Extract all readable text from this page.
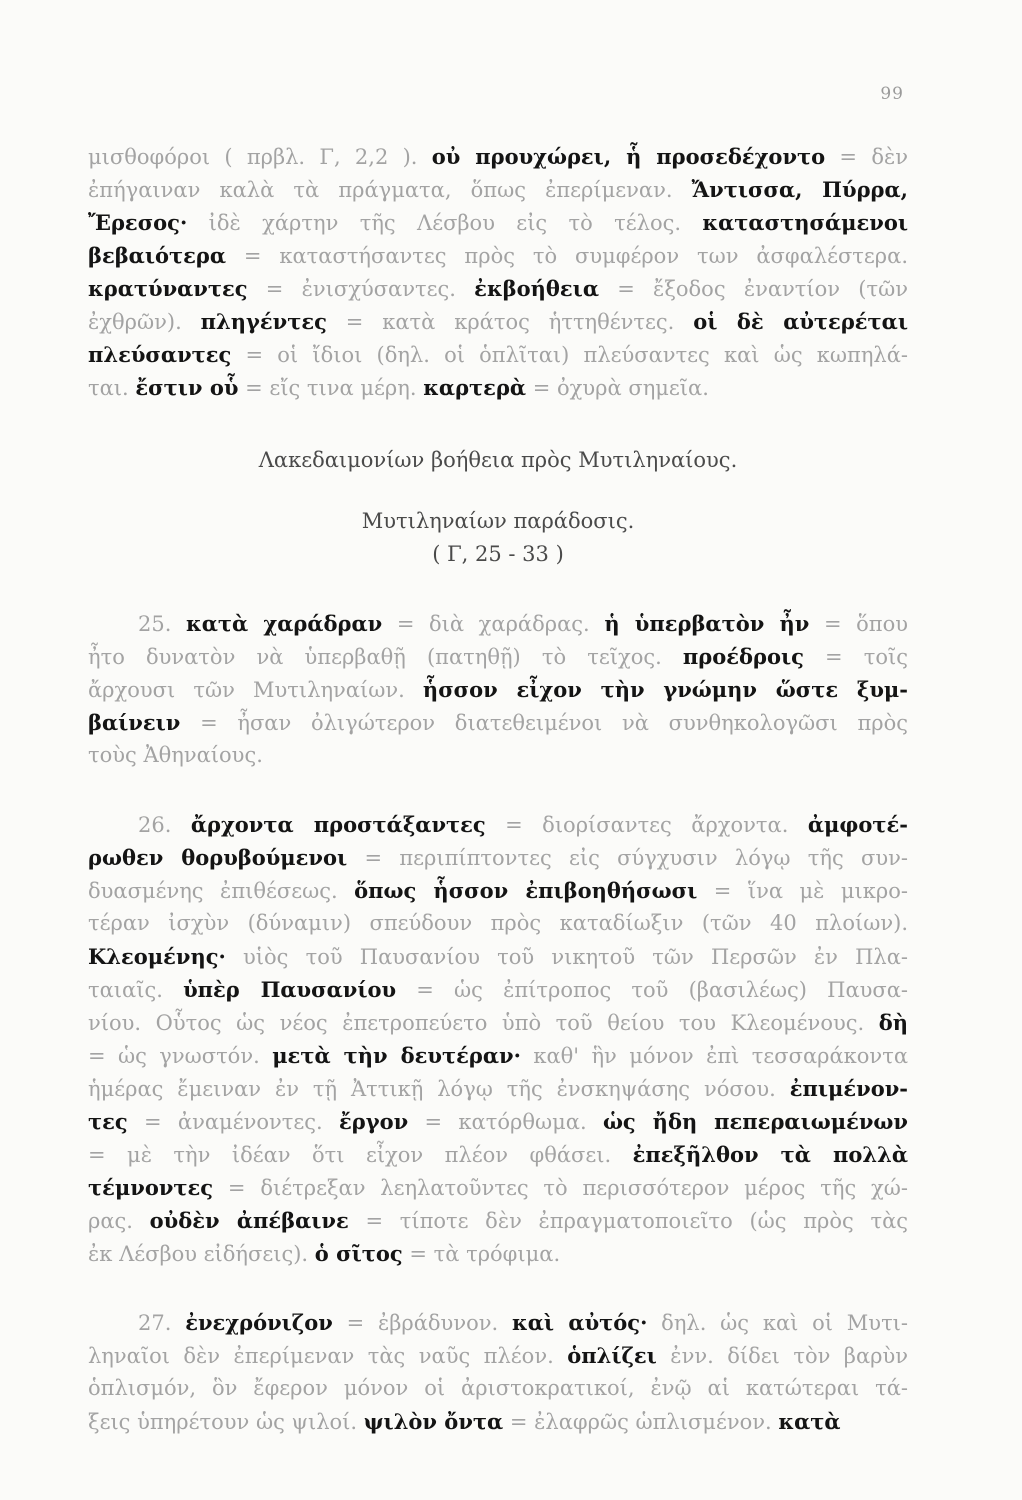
99
μισθοφόροι ( πρβλ. Γ, 2,2 ). οὐ προυχώρει, ἧ προσεδέχοντο = δὲν
ἐπήγαιναν καλὰ τὰ πράγματα, ὅπως ἐπερίμεναν. Ἄντισσα, Πύρρα,
Ἔρεσος· ἰδὲ χάρτην τῆς Λέσβου εἰς τὸ τέλος. καταστησάμενοι
βεβαιότερα = καταστήσαντες πρὸς τὸ συμφέρον των ἀσφαλέστερα.
κρατύναντες = ἐνισχύσαντες. ἐκβοήθεια = ἔξοδος ἐναντίον (τῶν
ἐχθρῶν). πληγέντες = κατὰ κράτος ἡττηθέντες. οἱ δὲ αὐτερέται
πλεύσαντες = οἱ ἴδιοι (δηλ. οἱ ὁπλῖται) πλεύσαντες καὶ ὡς κωπηλά-
ται. ἔστιν οὗ = εἴς τινα μέρη. καρτερὰ = ὀχυρὰ σημεῖα.
Λακεδαιμονίων βοήθεια πρὸς Μυτιληναίους.
Μυτιληναίων παράδοσις.
( Γ, 25 - 33 )
25. κατὰ χαράδραν = διὰ χαράδρας. ἡ ὑπερβατὸν ἦν = ὅπου
ἦτο δυνατὸν νὰ ὑπερβαθῇ (πατηθῇ) τὸ τεῖχος. προέδροις = τοῖς
ἄρχουσι τῶν Μυτιληναίων. ἧσσον εἶχον τὴν γνώμην ὥστε ξυμ-
βαίνειν = ἦσαν ὀλιγώτερον διατεθειμένοι νὰ συνθηκολογῶσι πρὸς
τοὺς Ἀθηναίους.
26. ἄρχοντα προστάξαντες = διορίσαντες ἄρχοντα. ἀμφοτέ-
ρωθεν θορυβούμενοι = περιπίπτοντες εἰς σύγχυσιν λόγῳ τῆς συν-
δυασμένης ἐπιθέσεως. ὅπως ἧσσον ἐπιβοηθήσωσι = ἵνα μὲ μικρο-
τέραν ἰσχὺν (δύναμιν) σπεύδουν πρὸς καταδίωξιν (τῶν 40 πλοίων).
Κλεομένης· υἱὸς τοῦ Παυσανίου τοῦ νικητοῦ τῶν Περσῶν ἐν Πλα-
ταιαῖς. ὑπὲρ Παυσανίου = ὡς ἐπίτροπος τοῦ (βασιλέως) Παυσα-
νίου. Οὗτος ὡς νέος ἐπετροπεύετο ὑπὸ τοῦ θείου του Κλεομένους. δὴ
= ὡς γνωστόν. μετὰ τὴν δευτέραν· καθ' ἣν μόνον ἐπὶ τεσσαράκοντα
ἡμέρας ἔμειναν ἐν τῇ Ἀττικῇ λόγῳ τῆς ἐνσκηψάσης νόσου. ἐπιμένον-
τες = ἀναμένοντες. ἔργον = κατόρθωμα. ὡς ἤδη πεπεραιωμένων
= μὲ τὴν ἰδέαν ὅτι εἶχον πλέον φθάσει. ἐπεξῆλθον τὰ πολλὰ
τέμνοντες = διέτρεξαν λεηλατοῦντες τὸ περισσότερον μέρος τῆς χώ-
ρας. οὐδὲν ἀπέβαινε = τίποτε δὲν ἐπραγματοποιεῖτο (ὡς πρὸς τὰς
ἐκ Λέσβου εἰδήσεις). ὁ σῖτος = τὰ τρόφιμα.
27. ἐνεχρόνιζον = ἐβράδυνον. καὶ αὐτός· δηλ. ὡς καὶ οἱ Μυτι-
ληναῖοι δὲν ἐπερίμεναν τὰς ναῦς πλέον. ὁπλίζει ἐνν. δίδει τὸν βαρὺν
ὁπλισμόν, ὃν ἔφερον μόνον οἱ ἀριστοκρατικοί, ἐνῷ αἱ κατώτεραι τά-
ξεις ὑπηρέτουν ὡς ψιλοί. ψιλὸν ὄντα = ἐλαφρῶς ὡπλισμένον. κατὰ
